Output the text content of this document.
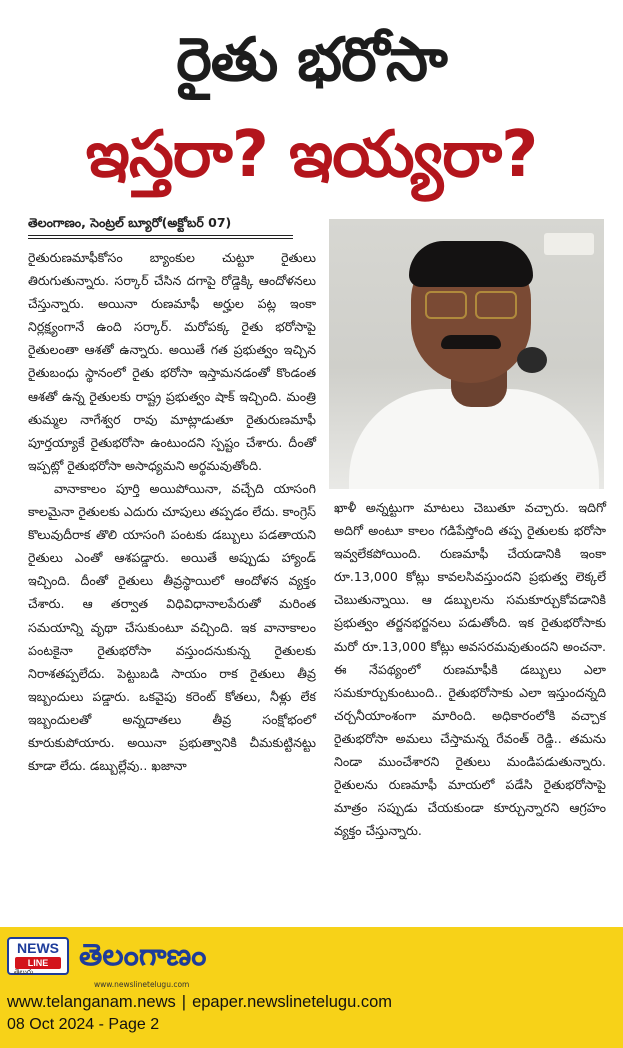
రైతు భరోసా
ఇస్తరా? ఇయ్యరా?
తెలంగాణం, సెంట్రల్ బ్యూరో(అక్టోబర్ 07)

రైతురుణమాఫీకోసం బ్యాంకుల చుట్టూ రైతులు తిరుగుతున్నారు. సర్కార్ చేసిన దగాపై రోడ్డెక్కి ఆందోళనలు చేస్తున్నారు. అయినా రుణమాఫీ అర్హుల పట్ల ఇంకా నిర్లక్ష్యంగానే ఉంది సర్కార్. మరోపక్క రైతు భరోసాపై రైతులంతా ఆశతో ఉన్నారు. అయితే గత ప్రభుత్వం ఇచ్చిన రైతుబంధు స్థానంలో రైతు భరోసా ఇస్తామనడంతో కొండంత ఆశతో ఉన్న రైతులకు రాష్ట్ర ప్రభుత్వం షాక్ ఇచ్చింది. మంత్రి తుమ్మల నాగేశ్వర రావు మాట్లాడుతూ రైతురుణమాఫీ పూర్తయ్యాకే రైతుభరోసా ఉంటుందని స్పష్టం చేశారు. దీంతో ఇప్పట్లో రైతుభరోసా అసాధ్యమని అర్థమవుతోంది.

వానాకాలం పూర్తి అయిపోయినా, వచ్చేది యాసంగి కాలమైనా రైతులకు ఎదురు చూపులు తప్పడం లేదు. కాంగ్రెస్ కొలువుదీరాక తొలి యాసంగి పంటకు డబ్బులు పడతాయని రైతులు ఎంతో ఆశపడ్డారు. అయితే అప్పుడు హ్యాండ్ ఇచ్చింది. దీంతో రైతులు తీవ్రస్థాయిలో ఆందోళన వ్యక్తం చేశారు. ఆ తర్వాత విధివిధానాలపేరుతో మరింత సమయాన్ని వృథా చేసుకుంటూ వచ్చింది. ఇక వానాకాలం పంటకైనా రైతుభరోసా వస్తుందనుకున్న రైతులకు నిరాశతప్పలేదు. పెట్టుబడి సాయం రాక రైతులు తీవ్ర ఇబ్బందులు పడ్డారు. ఒకవైపు కరెంట్ కోతలు, నీళ్లు లేక ఇబ్బందులతో అన్నదాతలు తీవ్ర సంక్షోభంలో కూరుకుపోయారు. అయినా ప్రభుత్వానికి చీమకుట్టినట్టు కూడా లేదు. డబ్బుల్లేవు.. ఖజానా

ఖాళీ అన్నట్టుగా మాటలు చెబుతూ వచ్చారు. ఇదిగో అదిగో అంటూ కాలం గడిపేస్తోంది తప్ప రైతులకు భరోసా ఇవ్వలేకపోయింది. రుణమాఫీ చేయడానికి ఇంకా రూ.13,000 కోట్లు కావలసివస్తుందని ప్రభుత్వ లెక్కలే చెబుతున్నాయి. ఆ డబ్బులను సమకూర్చుకోవడానికి ప్రభుత్వం తర్జనభర్జనలు పడుతోంది. ఇక రైతుభరోసాకు మరో రూ.13,000 కోట్లు అవసరమవుతుందని అంచనా. ఈ నేపథ్యంలో రుణమాఫీకి డబ్బులు ఎలా సమకూర్చుకుంటుంది.. రైతుభరోసాకు ఎలా ఇస్తుందన్నది చర్చనీయాంశంగా మారింది. అధికారంలోకి వచ్చాక రైతుభరోసా అమలు చేస్తామన్న రేవంత్ రెడ్డి.. తమను నిండా ముంచేశారని రైతులు మండిపడుతున్నారు. రైతులను రుణమాఫీ మాయలో పడేసి రైతుభరోసాపై మాత్రం సప్పుడు చేయకుండా కూర్చున్నారని ఆగ్రహం వ్యక్తం చేస్తున్నారు.

NEWS
LINE	తెలంగాణం
తెలుగు
www.newslinetelugu.com
www.telanganam.news | epaper.newslinetelugu.com
08 Oct 2024 - Page 2
